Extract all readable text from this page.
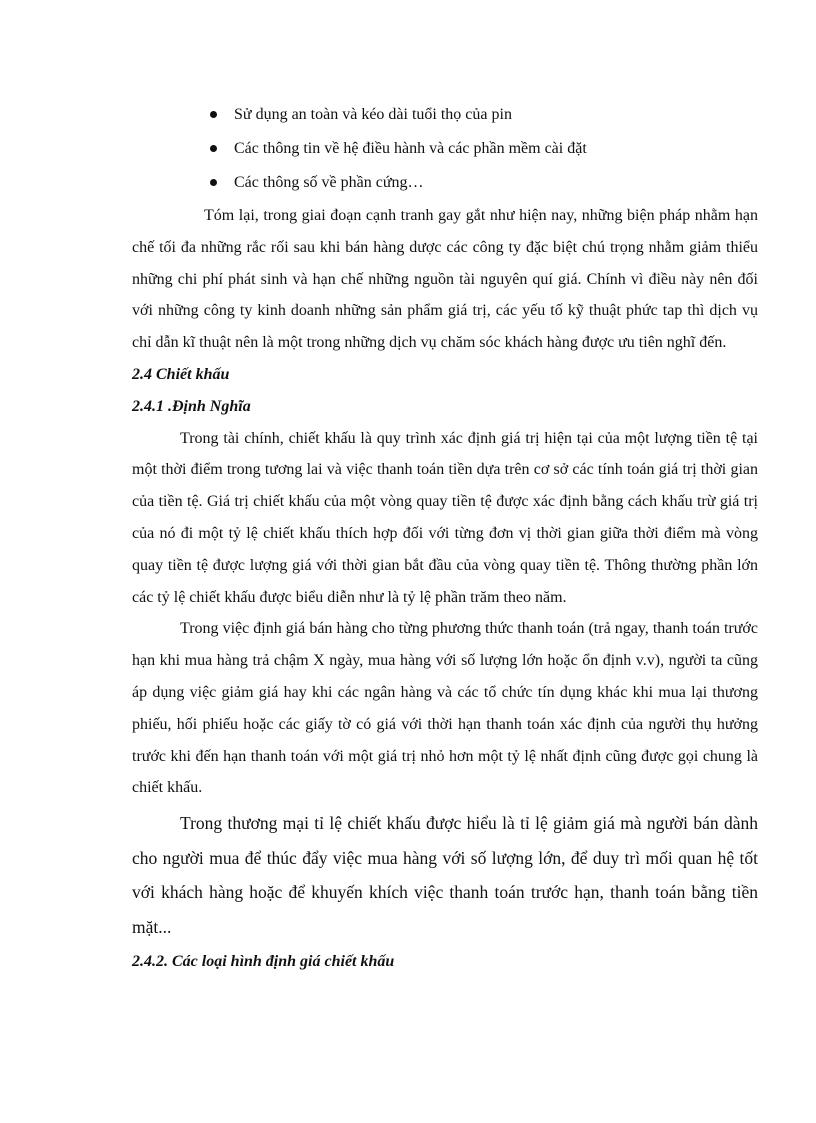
Sử dụng an toàn và kéo dài tuổi thọ của pin
Các thông tin về hệ điều hành và các phần mềm cài đặt
Các thông số về phần cứng…

Tóm lại, trong giai đoạn cạnh tranh gay gắt như hiện nay, những biện pháp nhằm hạn chế tối đa những rắc rối sau khi bán hàng dược các công ty đặc biệt chú trọng nhằm giảm thiểu những chi phí phát sinh và hạn chế những nguồn tài nguyên quí giá. Chính vì điều này nên đối với những công ty kinh doanh những sản phẩm giá trị, các yếu tố kỹ thuật phức tap thì dịch vụ chỉ dẫn kĩ thuật nên là một trong những dịch vụ chăm sóc khách hàng được ưu tiên nghĩ đến.

2.4 Chiết khấu
2.4.1 .Định Nghĩa

Trong tài chính, chiết khấu là quy trình xác định giá trị hiện tại của một lượng tiền tệ tại một thời điểm trong tương lai và việc thanh toán tiền dựa trên cơ sở các tính toán giá trị thời gian của tiền tệ. Giá trị chiết khấu của một vòng quay tiền tệ được xác định bằng cách khấu trừ giá trị của nó đi một tỷ lệ chiết khấu thích hợp đối với từng đơn vị thời gian giữa thời điểm mà vòng quay tiền tệ được lượng giá với thời gian bắt đầu của vòng quay tiền tệ. Thông thường phần lớn các tỷ lệ chiết khấu được biểu diễn như là tỷ lệ phần trăm theo năm.

Trong việc định giá bán hàng cho từng phương thức thanh toán (trả ngay, thanh toán trước hạn khi mua hàng trả chậm X ngày, mua hàng với số lượng lớn hoặc ổn định v.v), người ta cũng áp dụng việc giảm giá hay khi các ngân hàng và các tổ chức tín dụng khác khi mua lại thương phiếu, hối phiếu hoặc các giấy tờ có giá với thời hạn thanh toán xác định của người thụ hưởng trước khi đến hạn thanh toán với một giá trị nhỏ hơn một tỷ lệ nhất định cũng được gọi chung là chiết khấu.

Trong thương mại tỉ lệ chiết khấu được hiểu là tỉ lệ giảm giá mà người bán dành cho người mua để thúc đẩy việc mua hàng với số lượng lớn, để duy trì mối quan hệ tốt với khách hàng hoặc để khuyến khích việc thanh toán trước hạn, thanh toán bằng tiền mặt...

2.4.2. Các loại hình định giá chiết khấu
